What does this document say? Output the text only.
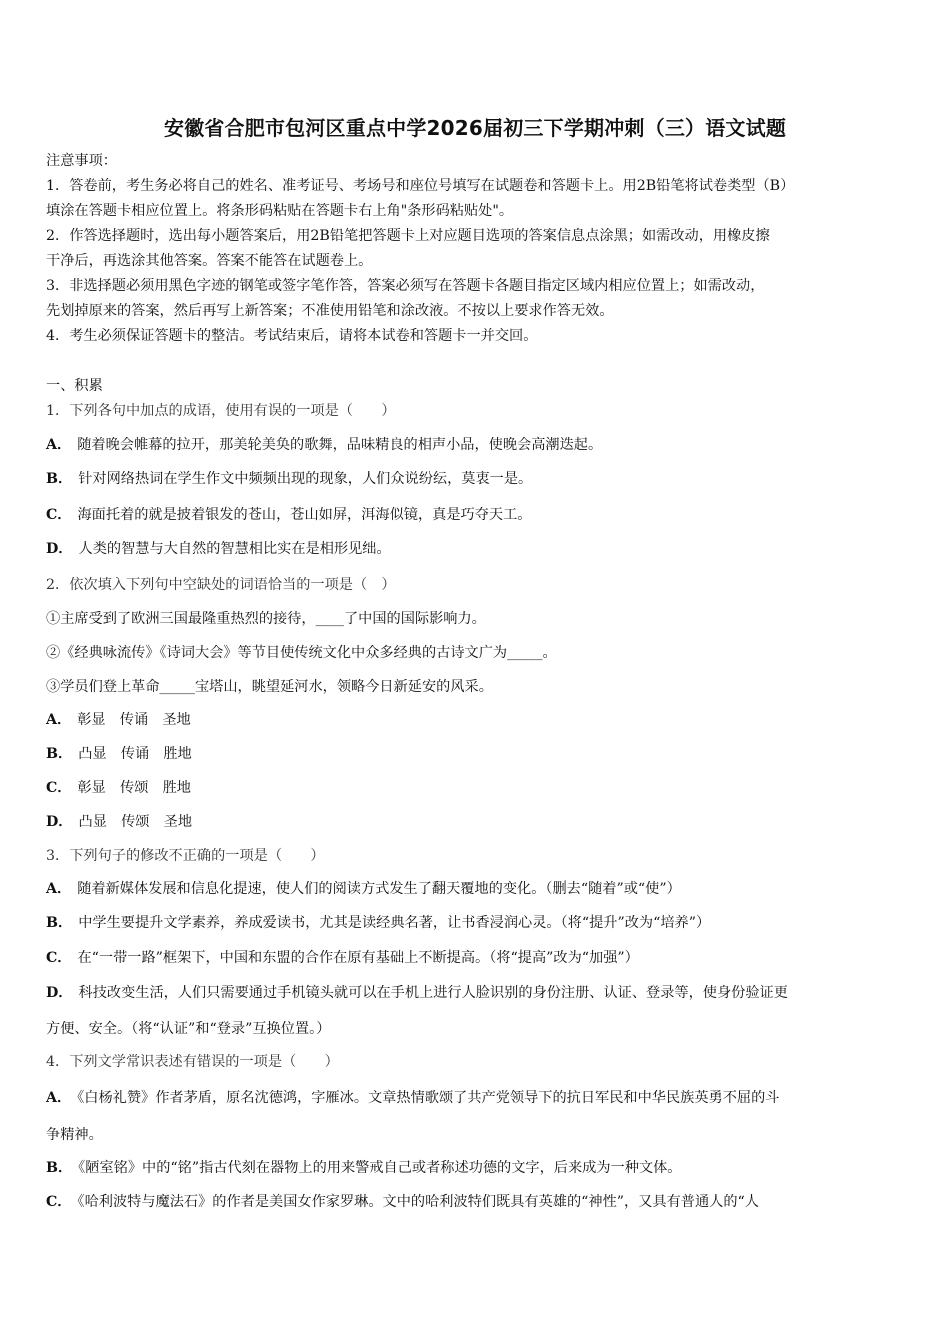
安徽省合肥市包河区重点中学2026届初三下学期冲刺（三）语文试题
注意事项：
1．答卷前，考生务必将自己的姓名、准考证号、考场号和座位号填写在试题卷和答题卡上。用2B铅笔将试卷类型（B）
填涂在答题卡相应位置上。将条形码粘贴在答题卡右上角"条形码粘贴处"。
2．作答选择题时，选出每小题答案后，用2B铅笔把答题卡上对应题目选项的答案信息点涂黑；如需改动，用橡皮擦
干净后，再选涂其他答案。答案不能答在试题卷上。
3．非选择题必须用黑色字迹的钢笔或签字笔作答，答案必须写在答题卡各题目指定区域内相应位置上；如需改动，
先划掉原来的答案，然后再写上新答案；不准使用铅笔和涂改液。不按以上要求作答无效。
4．考生必须保证答题卡的整洁。考试结束后，请将本试卷和答题卡一并交回。
一、积累
1．下列各句中加点的成语，使用有误的一项是（　　）
A． 随着晚会帷幕的拉开，那美轮美奂的歌舞，品味精良的相声小品，使晚会高潮迭起。
B． 针对网络热词在学生作文中频频出现的现象，人们众说纷纭，莫衷一是。
C． 海面托着的就是披着银发的苍山，苍山如屏，洱海似镜，真是巧夺天工。
D． 人类的智慧与大自然的智慧相比实在是相形见绌。
2．依次填入下列句中空缺处的词语恰当的一项是（　）
①主席受到了欧洲三国最隆重热烈的接待，____了中国的国际影响力。
②《经典咏流传》《诗词大会》等节目使传统文化中众多经典的古诗文广为_____。
③学员们登上革命_____宝塔山，眺望延河水，领略今日新延安的风采。
A． 彰显　传诵　圣地
B． 凸显　传诵　胜地
C． 彰显　传颂　胜地
D． 凸显　传颂　圣地
3．下列句子的修改不正确的一项是（　　）
A． 随着新媒体发展和信息化提速，使人们的阅读方式发生了翻天覆地的变化。（删去“随着”或“使”）
B． 中学生要提升文学素养，养成爱读书，尤其是读经典名著，让书香浸润心灵。（将“提升”改为“培养”）
C． 在“一带一路”框架下，中国和东盟的合作在原有基础上不断提高。（将“提高”改为“加强”）
D． 科技改变生活，人们只需要通过手机镜头就可以在手机上进行人脸识别的身份注册、认证、登录等，使身份验证更
方便、安全。（将“认证”和“登录”互换位置。）
4．下列文学常识表述有错误的一项是（　　）
A． 《白杨礼赞》作者茅盾，原名沈德鸿，字雁冰。文章热情歌颂了共产党领导下的抗日军民和中华民族英勇不屈的斗
争精神。
B． 《陋室铭》中的“铭”指古代刻在器物上的用来警戒自己或者称述功德的文字，后来成为一种文体。
C． 《哈利波特与魔法石》的作者是美国女作家罗琳。文中的哈利波特们既具有英雄的“神性”，又具有普通人的“人
